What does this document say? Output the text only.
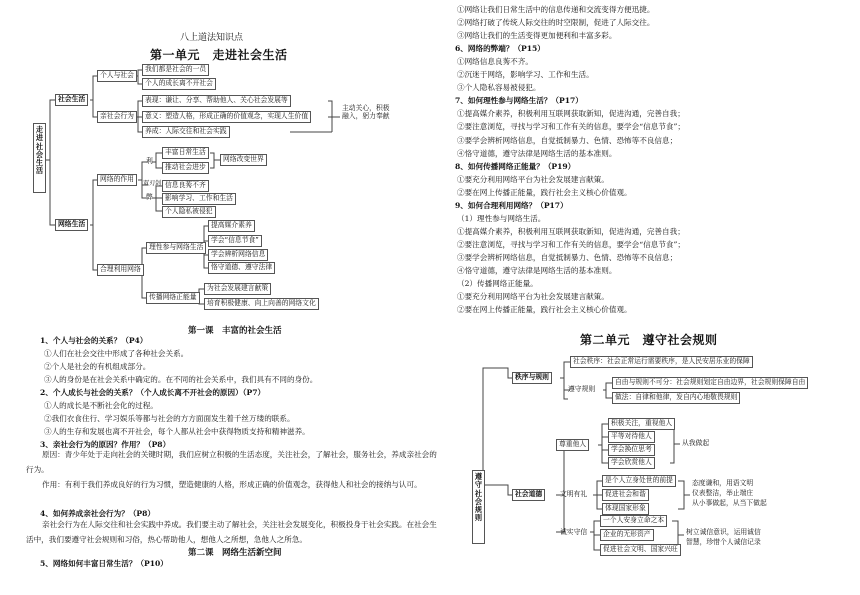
八上道法知识点
第一单元　走进社会生活
走进社会生活
社会生活
个人与社会
我们都是社会的一员
个人的成长离不开社会
亲社会行为
表现：谦让、分享、帮助他人、关心社会发展等
意义：塑造人格，形成正确的价值观念，实现人生价值
养成：人际交往和社会实践
主动关心，积极融入，躬力奉献
网络生活
网络的作用
利
双刃剑
弊
丰富日常生活
推动社会进步
信息良莠不齐
影响学习、工作和生活
个人隐私被侵犯
网络改变世界
合理利用网络
理性参与网络生活
提高媒介素养
学会“信息节食”
学会辨析网络信息
恪守道德、遵守法律
传播网络正能量
为社会发展建言献策
培育积极健康、向上向善的网络文化
第一课　丰富的社会生活
1、个人与社会的关系？（P4）
①人们在社会交往中形成了各种社会关系。
②个人是社会的有机组成部分。
③人的身份是在社会关系中确定的。在不同的社会关系中，我们具有不同的身份。
2、个人成长与社会的关系？（个人成长离不开社会的原因）（P7）
①人的成长是不断社会化的过程。
②我们衣食住行、学习娱乐等都与社会的方方面面发生着千丝万缕的联系。
③人的生存和发展也离不开社会，每个人都从社会中获得物质支持和精神滋养。
3、亲社会行为的原因？作用？（P8）
原因：青少年处于走向社会的关键时期，我们应树立积极的生活态度，关注社会，了解社会，服务社会，养成亲社会的行为。
作用：有利于我们养成良好的行为习惯，塑造健康的人格，形成正确的价值观念，获得他人和社会的接纳与认可。
4、如何养成亲社会行为？（P8）
亲社会行为在人际交往和社会实践中养成。我们要主动了解社会，关注社会发展变化，积极投身于社会实践。在社会生活中，我们要遵守社会规则和习俗，热心帮助他人，想他人之所想，急他人之所急。
第二课　网络生活新空间
5、网络如何丰富日常生活？（P10）
①网络让我们日常生活中的信息传递和交流变得方便迅捷。
②网络打破了传统人际交往的时空限制，促进了人际交往。
③网络让我们的生活变得更加便利和丰富多彩。
6、网络的弊端？（P15）
①网络信息良莠不齐。
②沉迷于网络，影响学习、工作和生活。
③个人隐私容易被侵犯。
7、如何理性参与网络生活？（P17）
①提高媒介素养，积极利用互联网获取新知，促进沟通，完善自我；
②要注意浏览，寻找与学习和工作有关的信息，要学会“信息节食”；
③要学会辨析网络信息，自觉抵制暴力、色情、恐怖等不良信息；
④恪守道德，遵守法律是网络生活的基本准则。
8、如何传播网络正能量？（P19）
①要充分利用网络平台为社会发展建言献策。
②要在网上传播正能量，践行社会主义核心价值观。
9、如何合理利用网络？（P17）
（1）理性参与网络生活。
①提高媒介素养，积极利用互联网获取新知，促进沟通，完善自我；
②要注意浏览，寻找与学习和工作有关的信息，要学会“信息节食”；
③要学会辨析网络信息，自觉抵制暴力、色情、恐怖等不良信息；
④恪守道德，遵守法律是网络生活的基本准则。
（2）传播网络正能量。
①要充分利用网络平台为社会发展建言献策。
②要在网上传播正能量，践行社会主义核心价值观。
第二单元　遵守社会规则
遵守社会规则
秩序与规则
社会秩序：社会正常运行需要秩序，是人民安居乐业的保障
遵守规则
自由与规则不可分：社会规则划定自由边界，社会规则保障自由
做法：自律和他律，发自内心地敬畏规则
社会道德
尊重他人
积极关注，重视他人
平等对待他人
学会换位思考
学会欣赏他人
从我做起
文明有礼
是个人立身处世的前提
促进社会和谐
体现国家形象
态度谦和，用语文明
仪表整洁，举止端庄
从小事做起，从当下做起
诚实守信
一个人安身立命之本
企业的无形资产
促进社会文明、国家兴旺
树立诚信意识，运用诚信
智慧，珍惜个人诚信记录
